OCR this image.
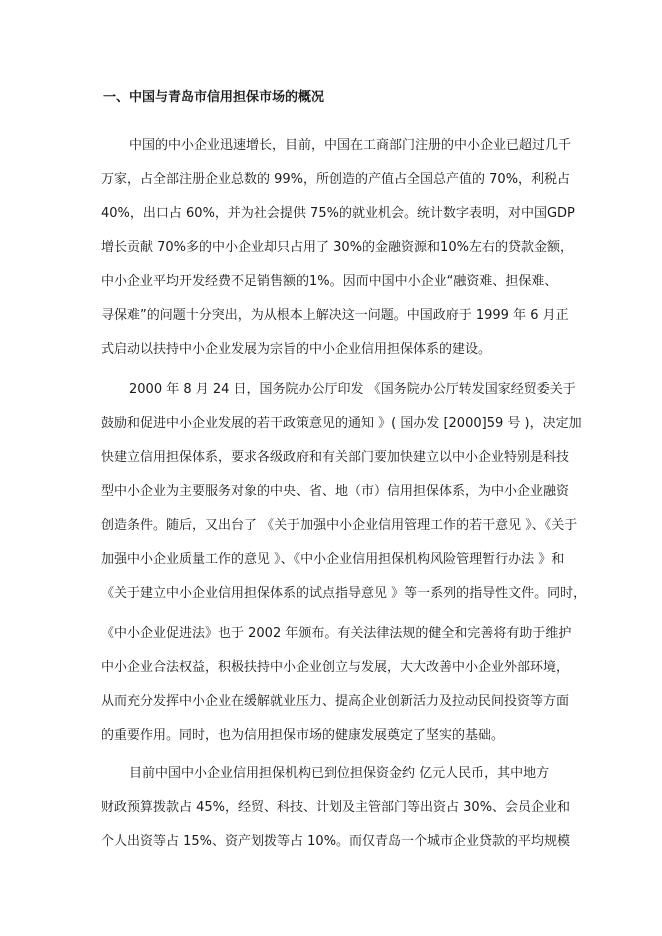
一、中国与青岛市信用担保市场的概况
中国的中小企业迅速增长，目前，中国在工商部门注册的中小企业已超过几千
万家，占全部注册企业总数的 99%，所创造的产值占全国总产值的 70%，利税占
40%，出口占 60%，并为社会提供 75%的就业机会。统计数字表明，对中国GDP
增长贡献 70%多的中小企业却只占用了 30%的金融资源和10%左右的贷款金额，
中小企业平均开发经费不足销售额的1%。因而中国中小企业“融资难、担保难、
寻保难”的问题十分突出，为从根本上解决这一问题。中国政府于 1999 年 6 月正
式启动以扶持中小企业发展为宗旨的中小企业信用担保体系的建设。
2000 年 8 月 24 日，国务院办公厅印发 《国务院办公厅转发国家经贸委关于
鼓励和促进中小企业发展的若干政策意见的通知 》( 国办发 [2000]59 号 )，决定加
快建立信用担保体系，要求各级政府和有关部门要加快建立以中小企业特别是科技
型中小企业为主要服务对象的中央、省、地（市）信用担保体系，为中小企业融资
创造条件。随后，又出台了 《关于加强中小企业信用管理工作的若干意见 》、《关于
加强中小企业质量工作的意见 》、《中小企业信用担保机构风险管理暂行办法 》和
《关于建立中小企业信用担保体系的试点指导意见 》等一系列的指导性文件。同时，
《中小企业促进法》也于 2002 年颁布。有关法律法规的健全和完善将有助于维护
中小企业合法权益，积极扶持中小企业创立与发展，大大改善中小企业外部环境，
从而充分发挥中小企业在缓解就业压力、提高企业创新活力及拉动民间投资等方面
的重要作用。同时，也为信用担保市场的健康发展奠定了坚实的基础。
目前中国中小企业信用担保机构已到位担保资金约 亿元人民币，其中地方
财政预算拨款占 45%，经贸、科技、计划及主管部门等出资占 30%、会员企业和
个人出资等占 15%、资产划拨等占 10%。而仅青岛一个城市企业贷款的平均规模
